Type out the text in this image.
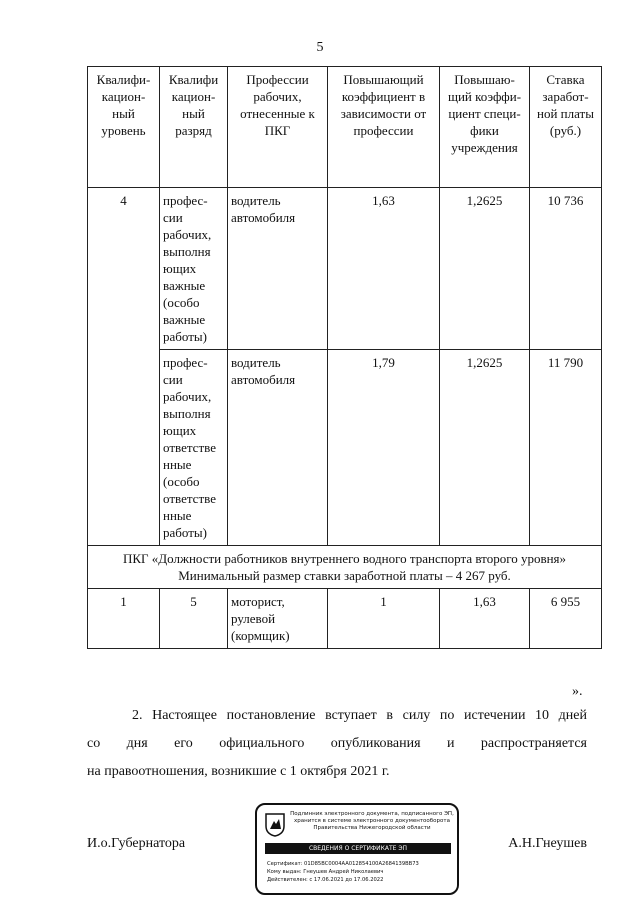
5
Квалифи-кацион-ный уровень	Квалифи кацион-ный разряд	Профессии рабочих, отнесенные к ПКГ	Повышающий коэффициент в зависимости от профессии	Повышаю-щий коэффи-циент специ-фики учреждения	Ставка заработ-ной платы (руб.)
4	профес-сии рабочих, выполня ющих важные (особо важные работы)	водитель автомобиля	1,63	1,2625	10 736
	профес-сии рабочих, выполня ющих ответстве нные (особо ответстве нные работы)	водитель автомобиля	1,79	1,2625	11 790

ПКГ «Должности работников внутреннего водного транспорта второго уровня»
Минимальный размер ставки заработной платы – 4 267 руб.					

1	5	моторист, рулевой (кормщик)	1	1,63	6 955
».
2. Настоящее постановление вступает в силу по истечении 10 дней
со дня его официального опубликования и распространяется
на правоотношения, возникшие с 1 октября 2021 г.
И.о.Губернатора	А.Н.Гнеушев
Подлинник электронного документа, подписанного ЭП, хранится в системе электронного документооборота Правительства Нижегородской области
СВЕДЕНИЯ О СЕРТИФИКАТЕ ЭП
Сертификат: 01D85BC0004AA012854100A2684139BB73
Кому выдан: Гнеушев Андрей Николаевич
Действителен: с 17.06.2021 до 17.06.2022
